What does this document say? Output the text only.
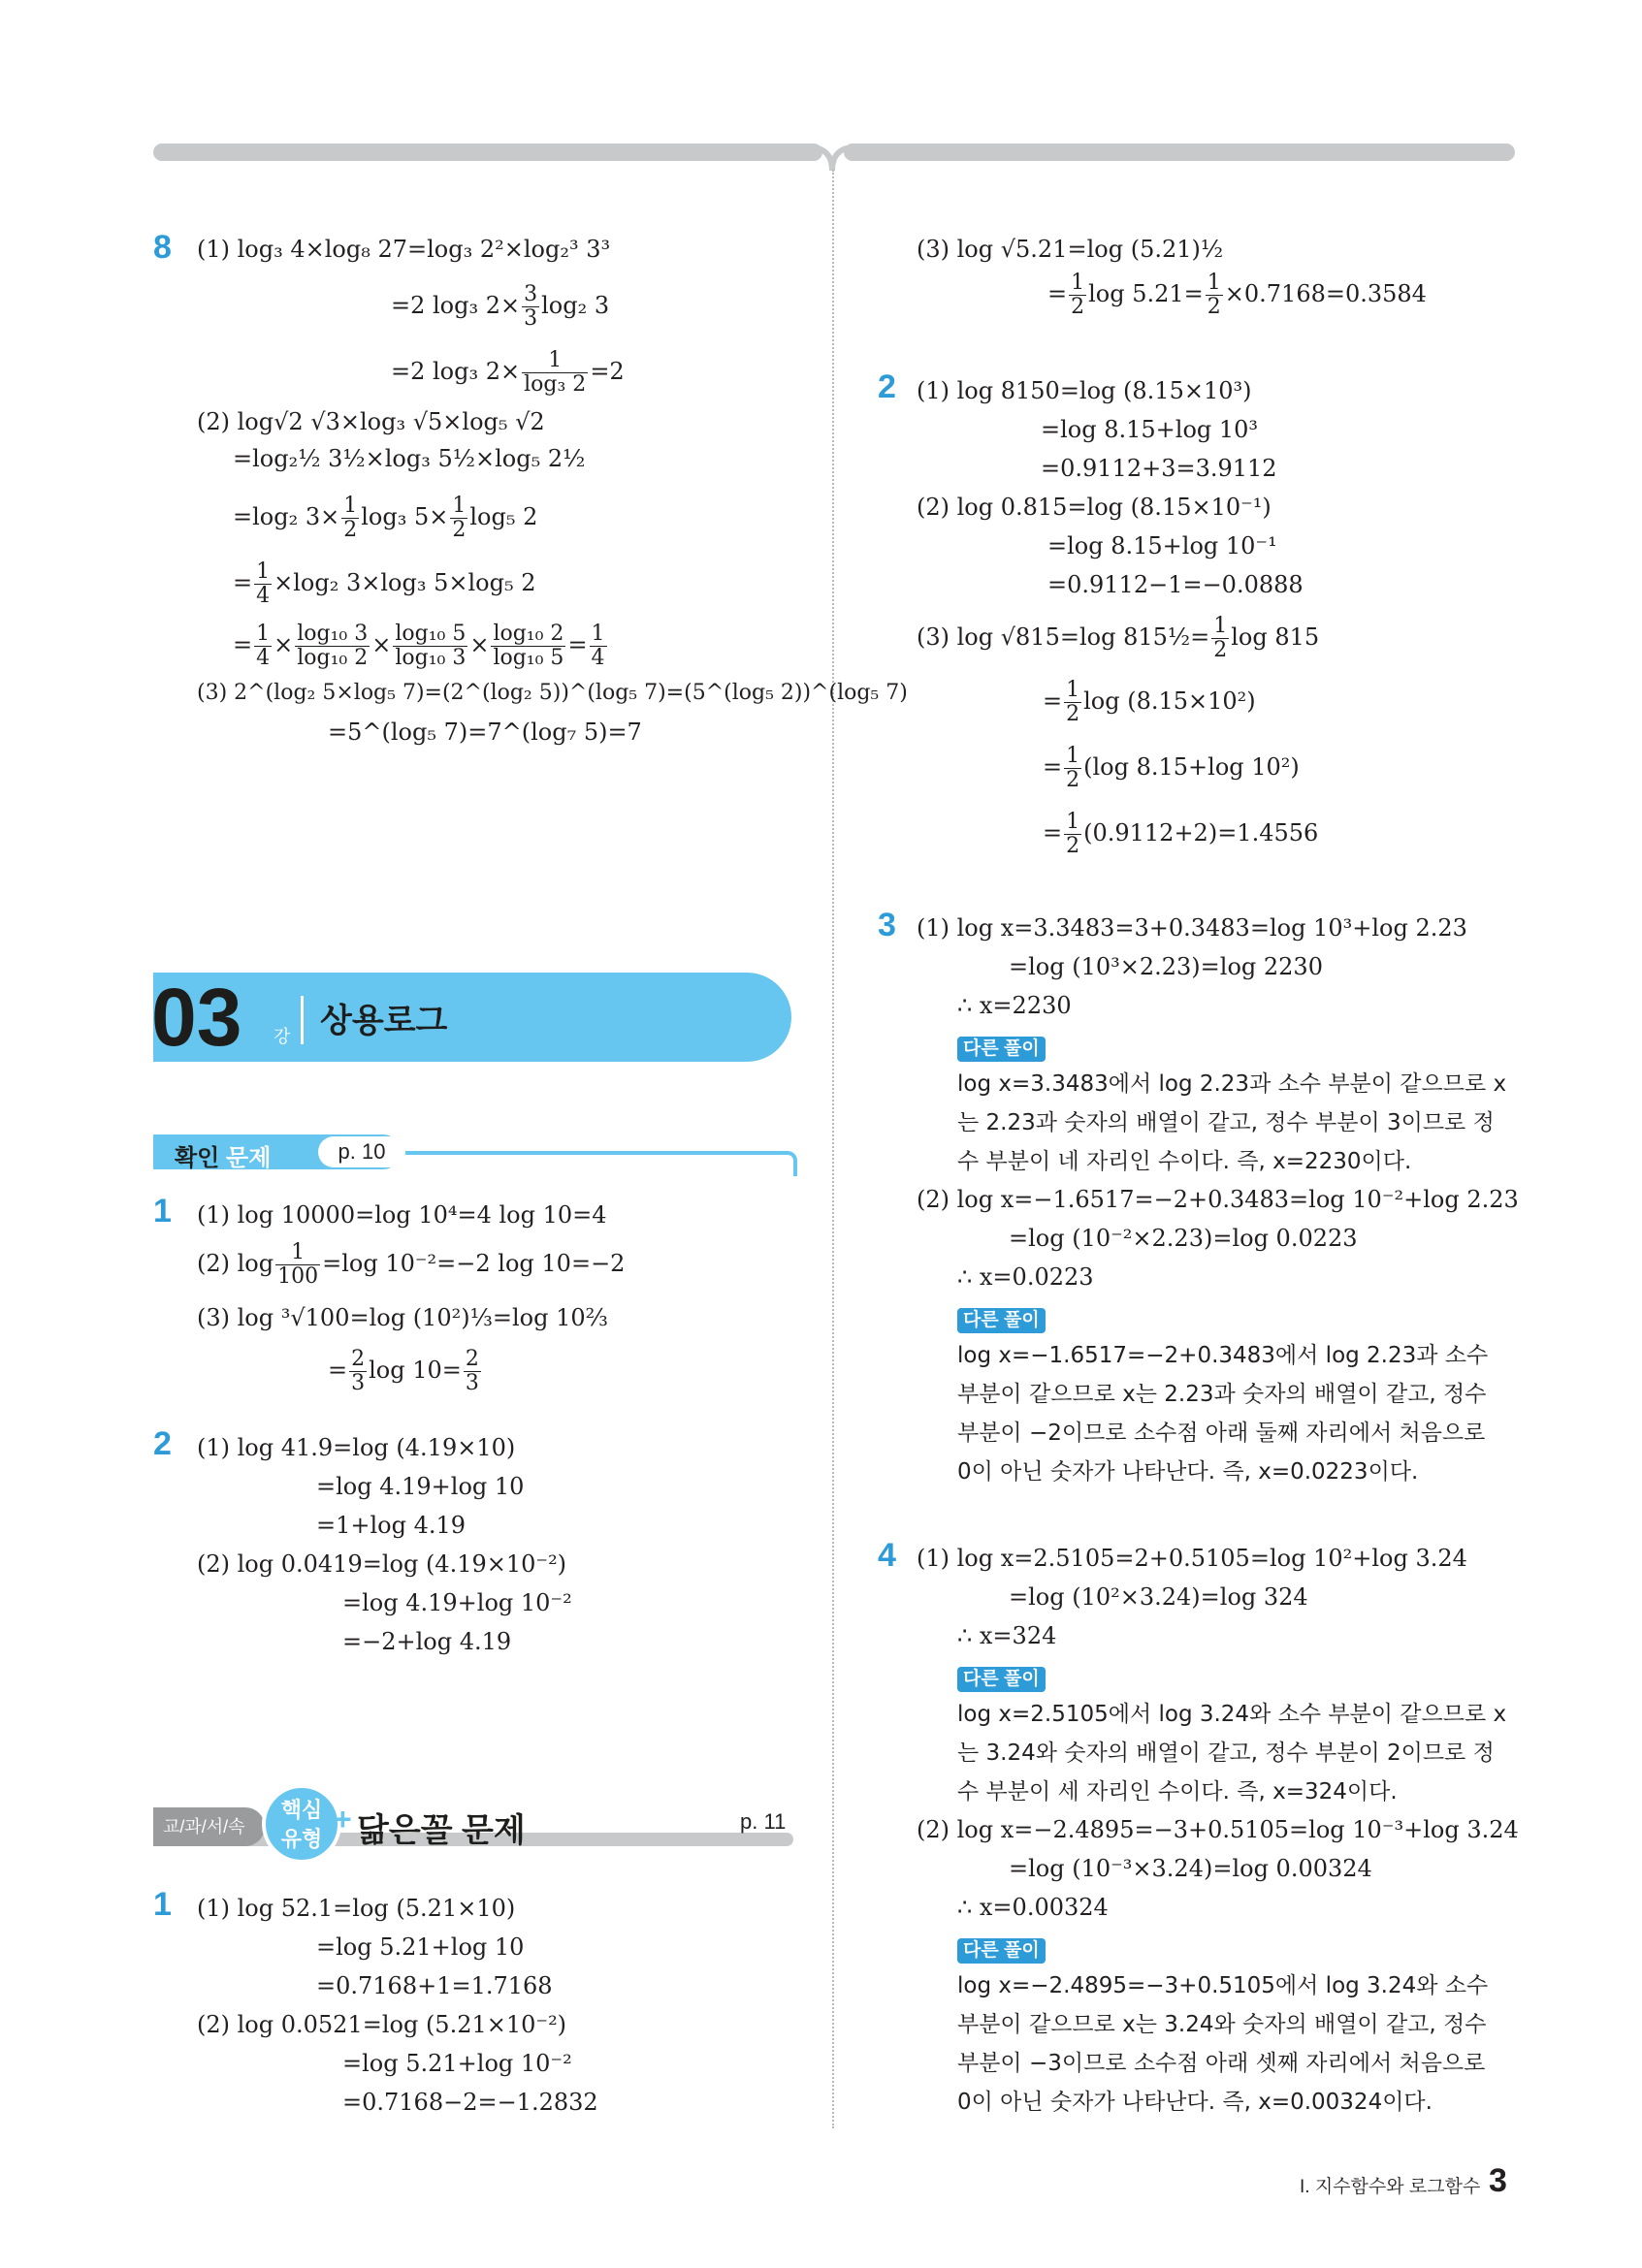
8 (1) log₃ 4×log₈ 27=log₃ 2²×log₂³ 3³
=2 log₃ $2\times \frac{3}{3} \log_2$ 3
=2 log₃ $2\times \frac{1}{\text{log₃ 2}} =2$
(2) log√2 √3×log₃ √5×log₅ √2
=log₂½ 3½×log₃ 5½×log₅ 2½
=log₂ $3\times \frac{1}{2} \log_3$ $5\times \frac{1}{2} \log_5$ 2
= $\frac{1}{4} \times\log_2$ 3×log₃ 5×log₅ 2
= $\frac{1}{4} \times \frac{\text{log₁₀ 3}}{\text{log₁₀ 2}} \times \frac{\text{log₁₀ 5}}{\text{log₁₀ 3}} \times \frac{\text{log₁₀ 2}}{\text{log₁₀ 5}} = \frac{1}{4}$
(3) 2^(log₂ 5×log₅ 7)=(2^(log₂ 5))^(log₅ 7)=(5^(log₅ 2))^(log₅ 7)
=5^(log₅ 7)=7^(log₇ 5)=7
03 강 상용로그
확인 문제	p. 10
1 (1) log 10000=log 10⁴=4 log 10=4
(2) $\log \frac{1}{100} =\log$ 10⁻²=−2 log 10=−2
(3) log ³√100=log (10²)⅓=log 10⅔
= $\frac{2}{3}$ $\log 10= \frac{2}{3}$
2 (1) log 41.9=log (4.19×10)
=log 4.19+log 10
=1+log 4.19
(2) log 0.0419=log (4.19×10⁻²)
=log 4.19+log 10⁻²
=−2+log 4.19
교/과/서/속
핵심
유형
+ 닮은꼴 문제	p. 11
1 (1) log 52.1=log (5.21×10)
=log 5.21+log 10
=0.7168+1=1.7168
(2) log 0.0521=log (5.21×10⁻²)
=log 5.21+log 10⁻²
=0.7168−2=−1.2832
(3) log √5.21=log (5.21)½
= $\frac{1}{2}$ $\log 5.21= \frac{1}{2} \times 0.7168=0.3584$
2 (1) log 8150=log (8.15×10³)
=log 8.15+log 10³
=0.9112+3=3.9112
(2) log 0.815=log (8.15×10⁻¹)
=log 8.15+log 10⁻¹
=0.9112−1=−0.0888
(3) log √815=log 815½= $\frac{1}{2}$ log 815
= $\frac{1}{2}$ log (8.15×10²)
= $\frac{1}{2} (\log$ 8.15+log 10²)
= $\frac{1}{2} (0.9112+2)=1.4556$
3 (1) log x=3.3483=3+0.3483=log 10³+log 2.23
=log (10³×2.23)=log 2230
∴ x=2230
다른 풀이
log x=3.3483에서 log 2.23과 소수 부분이 같으므로 x
는 2.23과 숫자의 배열이 같고, 정수 부분이 3이므로 정
수 부분이 네 자리인 수이다. 즉, x=2230이다.
(2) log x=−1.6517=−2+0.3483=log 10⁻²+log 2.23
=log (10⁻²×2.23)=log 0.0223
∴ x=0.0223
다른 풀이
log x=−1.6517=−2+0.3483에서 log 2.23과 소수
부분이 같으므로 x는 2.23과 숫자의 배열이 같고, 정수
부분이 −2이므로 소수점 아래 둘째 자리에서 처음으로
0이 아닌 숫자가 나타난다. 즉, x=0.0223이다.
4 (1) log x=2.5105=2+0.5105=log 10²+log 3.24
=log (10²×3.24)=log 324
∴ x=324
다른 풀이
log x=2.5105에서 log 3.24와 소수 부분이 같으므로 x
는 3.24와 숫자의 배열이 같고, 정수 부분이 2이므로 정
수 부분이 세 자리인 수이다. 즉, x=324이다.
(2) log x=−2.4895=−3+0.5105=log 10⁻³+log 3.24
=log (10⁻³×3.24)=log 0.00324
∴ x=0.00324
다른 풀이
log x=−2.4895=−3+0.5105에서 log 3.24와 소수
부분이 같으므로 x는 3.24와 숫자의 배열이 같고, 정수
부분이 −3이므로 소수점 아래 셋째 자리에서 처음으로
0이 아닌 숫자가 나타난다. 즉, x=0.00324이다.
I. 지수함수와 로그함수 3
